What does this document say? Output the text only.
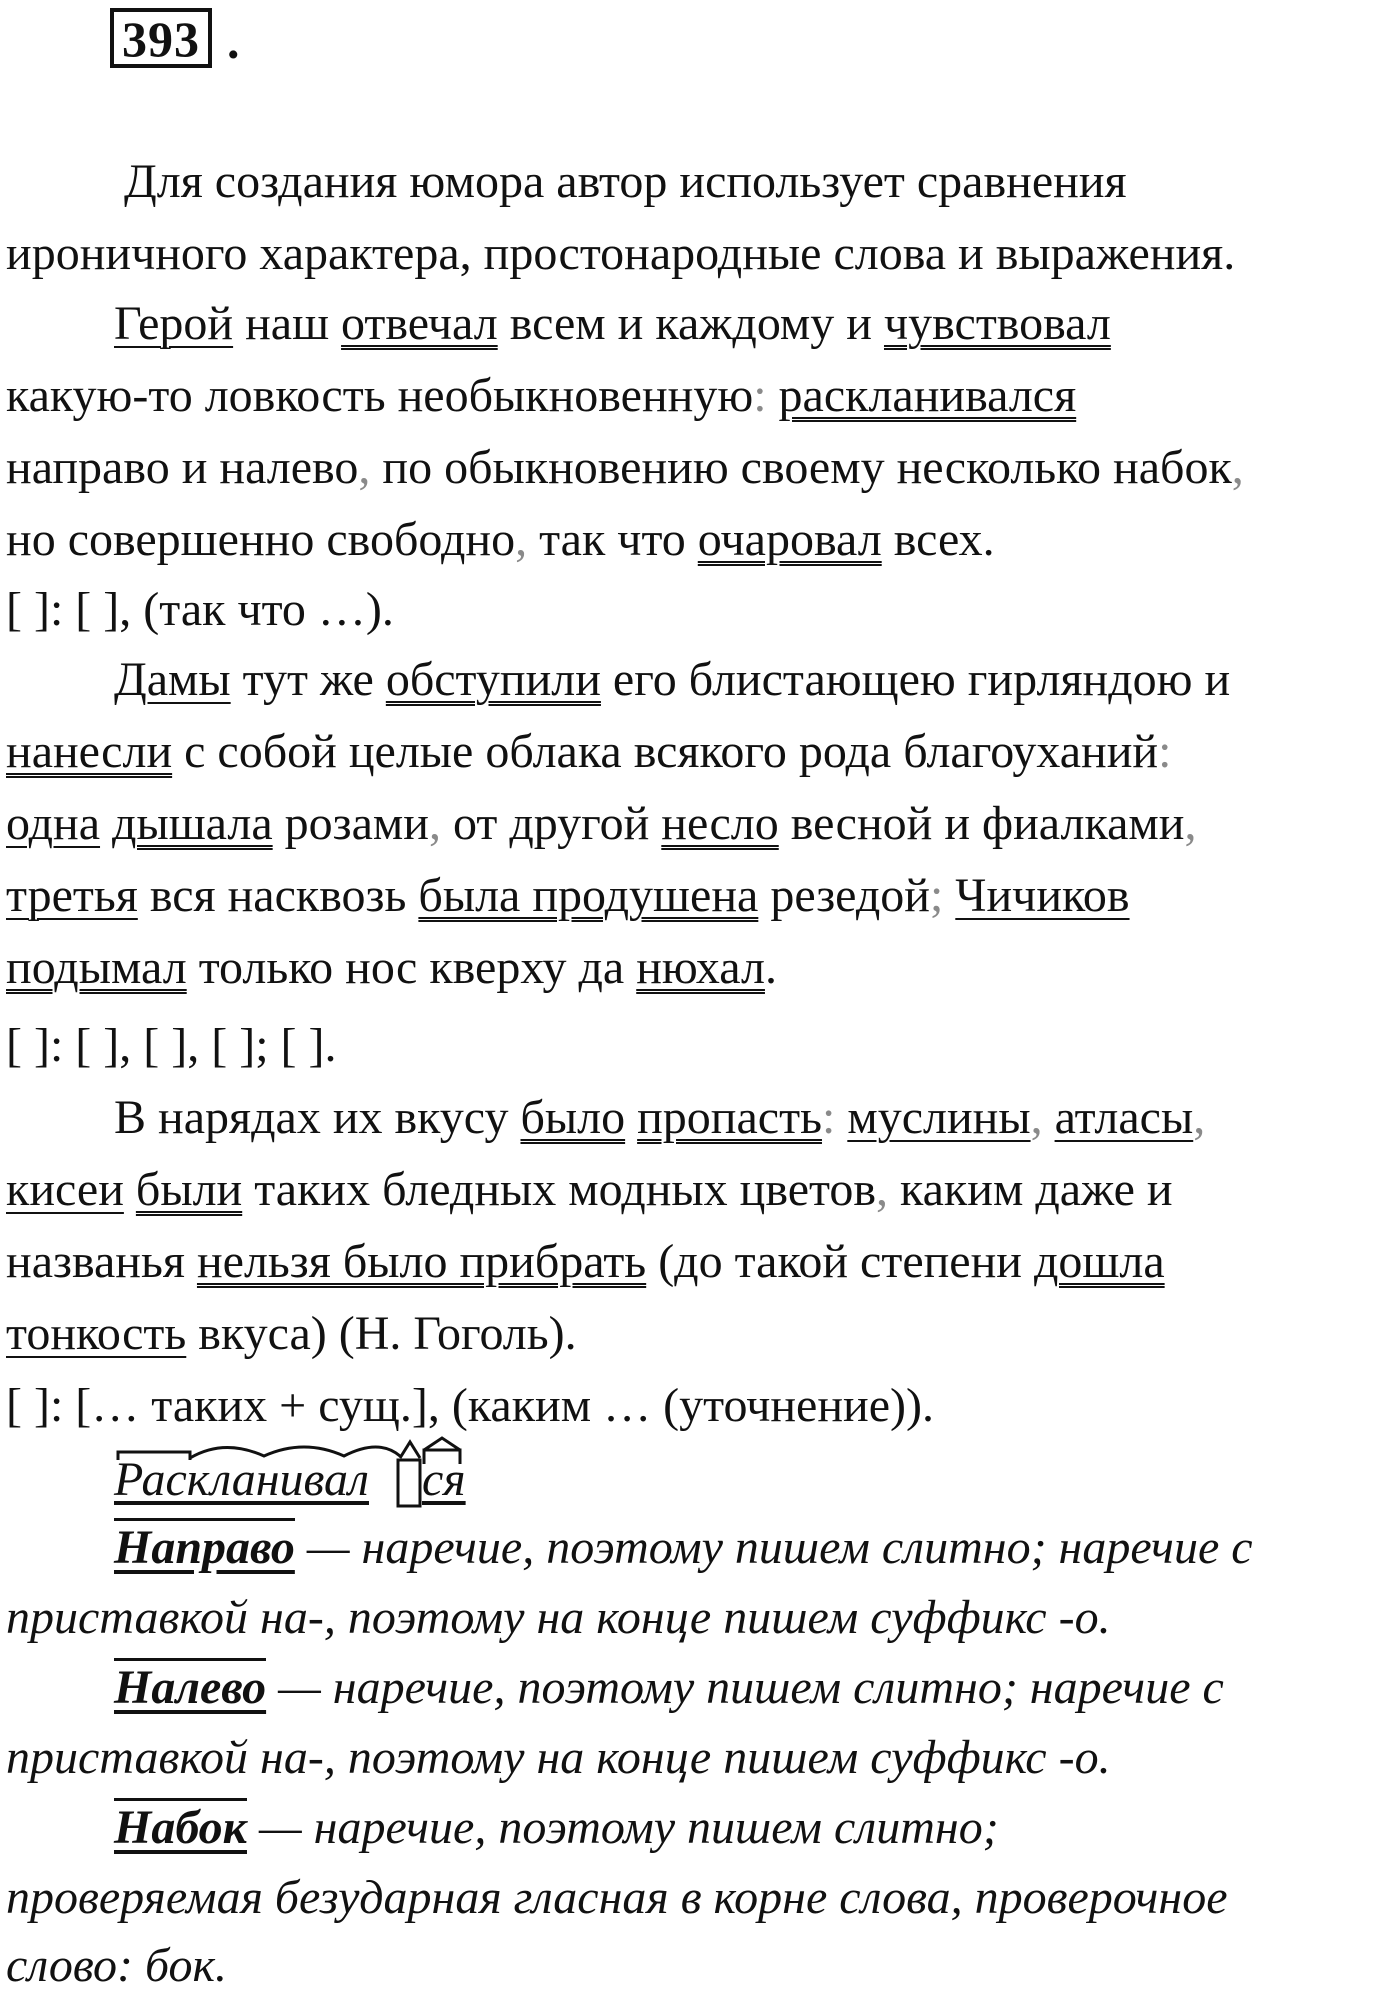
393 .
Для создания юмора автор использует сравнения
ироничного характера, простонародные слова и выражения.
Герой наш отвечал всем и каждому и чувствовал
какую-то ловкость необыкновенную: раскланивался
направо и налево, по обыкновению своему несколько набок,
но совершенно свободно, так что очаровал всех.
[ ]: [ ], (так что …).
Дамы тут же обступили его блистающею гирляндою и
нанесли с собой целые облака всякого рода благоуханий:
одна дышала розами, от другой несло весной и фиалками,
третья вся насквозь была продушена резедой; Чичиков
подымал только нос кверху да нюхал.
[ ]: [ ], [ ], [ ]; [ ].
В нарядах их вкусу было пропасть: муслины, атласы,
кисеи были таких бледных модных цветов, каким даже и
названья нельзя было прибрать (до такой степени дошла
тонкость вкуса) (Н. Гоголь).
[ ]: [… таких + сущ.], (каким … (уточнение)).
Раскланивал ся
Направо — наречие, поэтому пишем слитно; наречие с
приставкой на-, поэтому на конце пишем суффикс -о.
Налево — наречие, поэтому пишем слитно; наречие с
приставкой на-, поэтому на конце пишем суффикс -о.
Набок — наречие, поэтому пишем слитно;
проверяемая безударная гласная в корне слова, проверочное
слово: бок.
